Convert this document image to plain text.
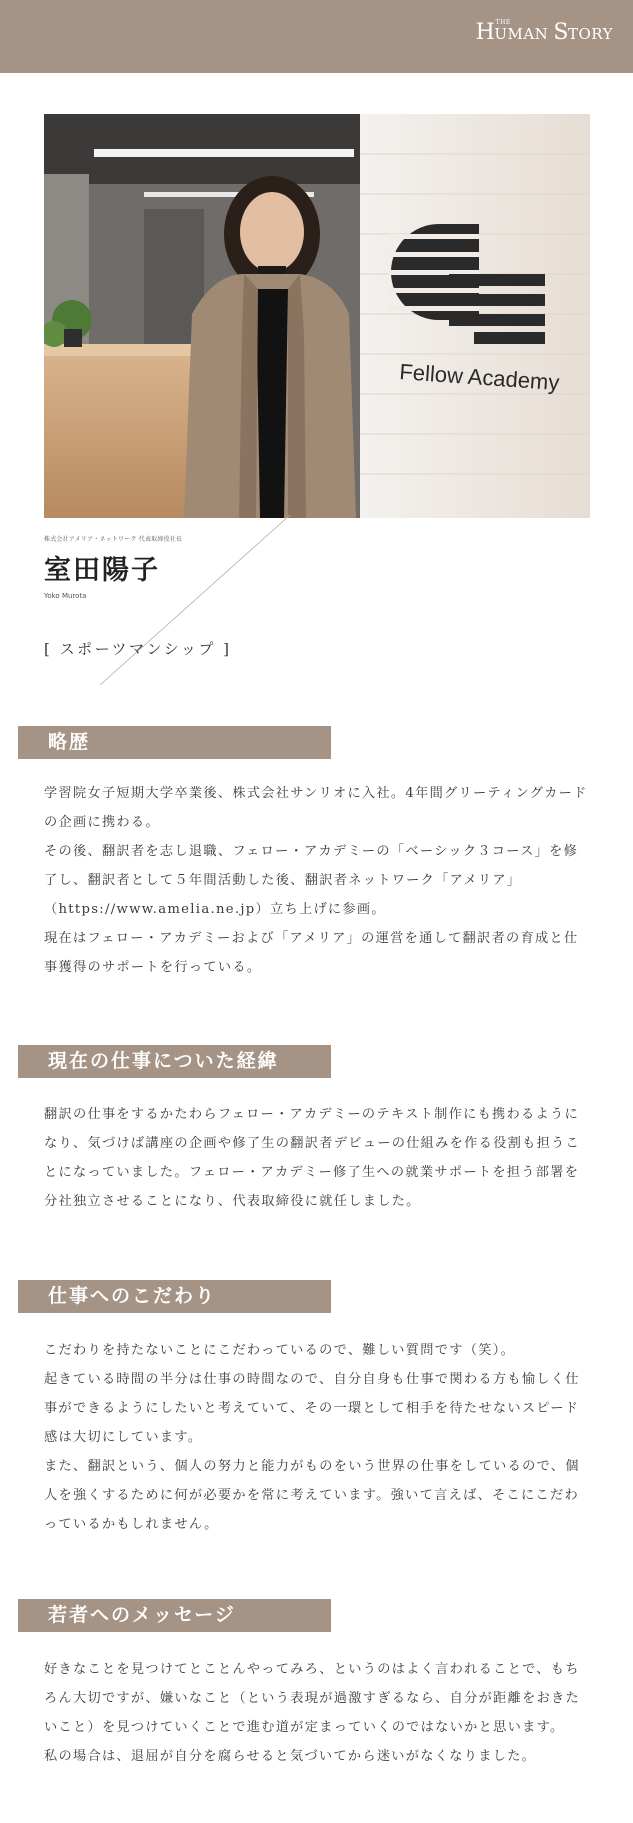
THE
HUMAN STORY
Fellow Academy
株式会社アメリア・ネットワーク 代表取締役社長
室田陽子
Yoko Murota
[ スポーツマンシップ ]
略歴

学習院女子短期大学卒業後、株式会社サンリオに入社。4年間グリーティングカードの企画に携わる。

その後、翻訳者を志し退職、フェロー・アカデミーの「ベーシック３コース」を修了し、翻訳者として５年間活動した後、翻訳者ネットワーク「アメリア」（https://www.amelia.ne.jp）立ち上げに参画。

現在はフェロー・アカデミーおよび「アメリア」の運営を通して翻訳者の育成と仕事獲得のサポートを行っている。

現在の仕事についた経緯

翻訳の仕事をするかたわらフェロー・アカデミーのテキスト制作にも携わるようになり、気づけば講座の企画や修了生の翻訳者デビューの仕組みを作る役割も担うことになっていました。フェロー・アカデミー修了生への就業サポートを担う部署を分社独立させることになり、代表取締役に就任しました。

仕事へのこだわり

こだわりを持たないことにこだわっているので、難しい質問です（笑）。

起きている時間の半分は仕事の時間なので、自分自身も仕事で関わる方も愉しく仕事ができるようにしたいと考えていて、その一環として相手を待たせないスピード感は大切にしています。

また、翻訳という、個人の努力と能力がものをいう世界の仕事をしているので、個人を強くするために何が必要かを常に考えています。強いて言えば、そこにこだわっているかもしれません。

若者へのメッセージ

好きなことを見つけてとことんやってみろ、というのはよく言われることで、もちろん大切ですが、嫌いなこと（という表現が過激すぎるなら、自分が距離をおきたいこと）を見つけていくことで進む道が定まっていくのではないかと思います。

私の場合は、退屈が自分を腐らせると気づいてから迷いがなくなりました。
